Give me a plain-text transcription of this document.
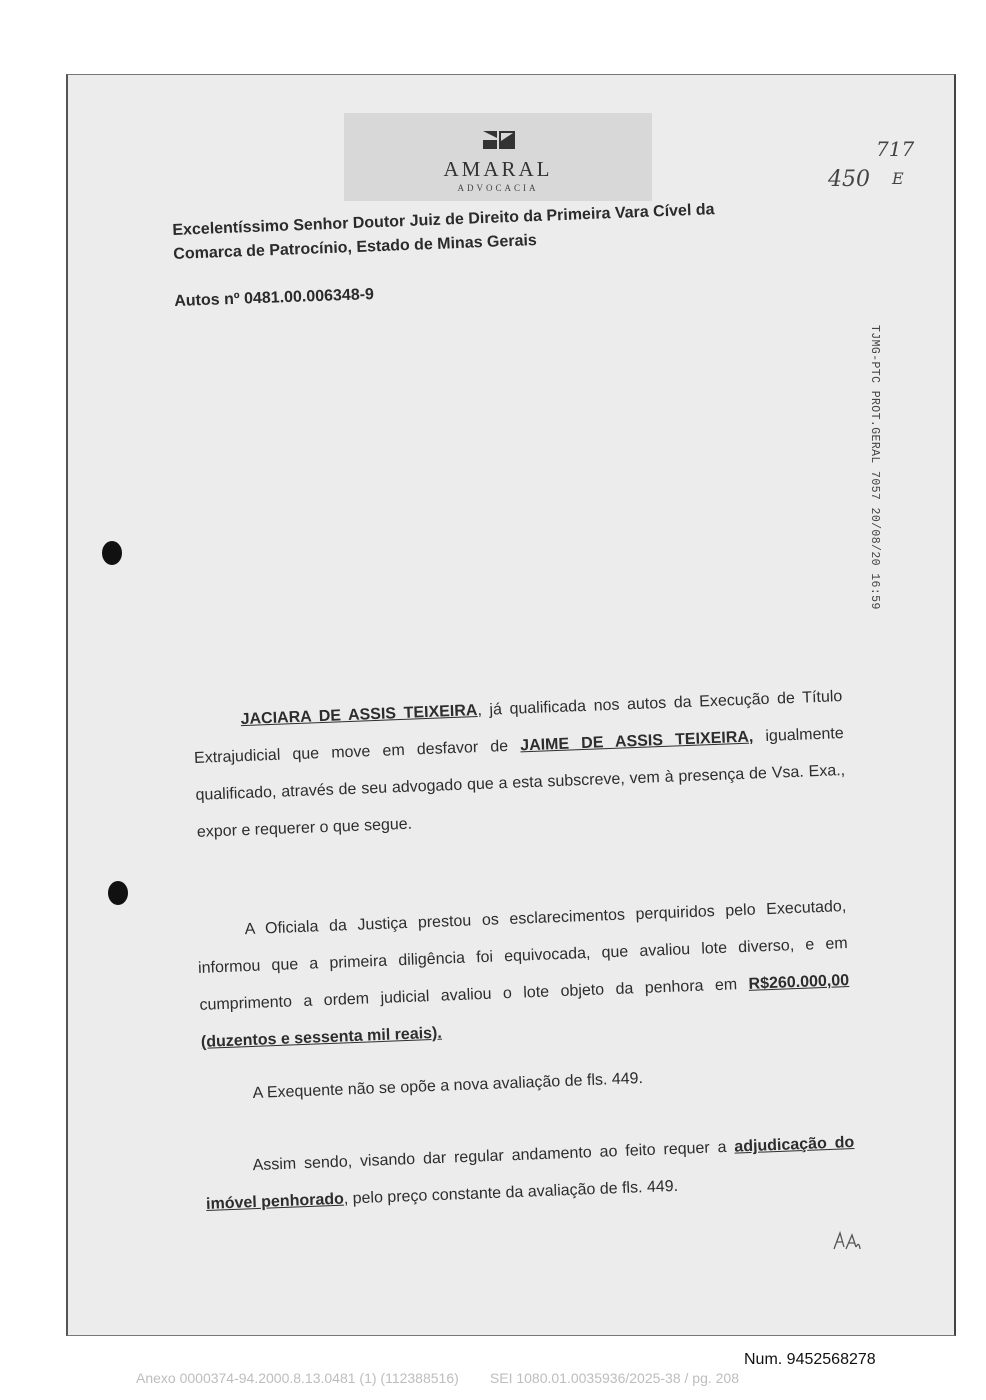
AMARAL
ADVOCACIA	450
717
E
Excelentíssimo Senhor Doutor Juiz de Direito da Primeira Vara Cível da Comarca de Patrocínio, Estado de Minas Gerais
Autos nº 0481.00.006348-9
TJMG-PTC PROT.GERAL 7057 20/08/20 16:59
JACIARA DE ASSIS TEIXEIRA, já qualificada nos autos da Execução de Título Extrajudicial que move em desfavor de JAIME DE ASSIS TEIXEIRA, igualmente qualificado, através de seu advogado que a esta subscreve, vem à presença de Vsa. Exa., expor e requerer o que segue.
A Oficiala da Justiça prestou os esclarecimentos perquiridos pelo Executado, informou que a primeira diligência foi equivocada, que avaliou lote diverso, e em cumprimento a ordem judicial avaliou o lote objeto da penhora em R$260.000,00 (duzentos e sessenta mil reais).
A Exequente não se opõe a nova avaliação de fls. 449.
Assim sendo, visando dar regular andamento ao feito requer a adjudicação do imóvel penhorado, pelo preço constante da avaliação de fls. 449.
Num. 9452568278
Anexo 0000374-94.2000.8.13.0481 (1) (112388516) SEI 1080.01.0035936/2025-38 / pg. 208
